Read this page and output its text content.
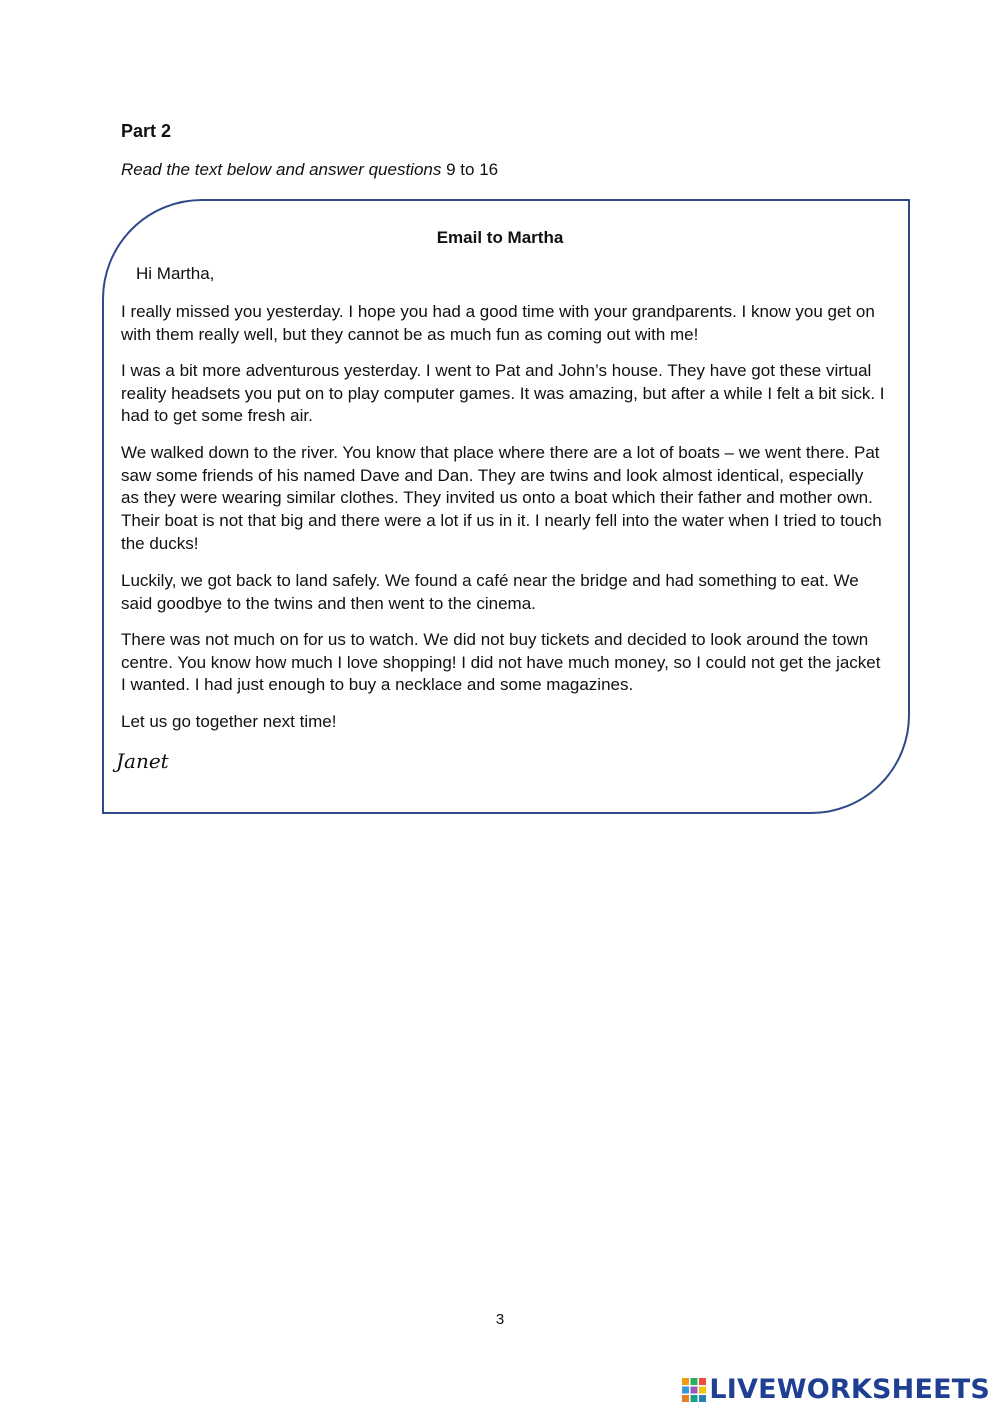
Part 2

Read the text below and answer questions 9 to 16

Email to Martha

Hi Martha,

I really missed you yesterday. I hope you had a good time with your grandparents. I know you get on with them really well, but they cannot be as much fun as coming out with me!

I was a bit more adventurous yesterday. I went to Pat and John’s house. They have got these virtual reality headsets you put on to play computer games. It was amazing, but after a while I felt a bit sick. I had to get some fresh air.

We walked down to the river. You know that place where there are a lot of boats – we went there. Pat saw some friends of his named Dave and Dan. They are twins and look almost identical, especially as they were wearing similar clothes. They invited us onto a boat which their father and mother own. Their boat is not that big and there were a lot if us in it. I nearly fell into the water when I tried to touch the ducks!

Luckily, we got back to land safely. We found a café near the bridge and had something to eat. We said goodbye to the twins and then went to the cinema.

There was not much on for us to watch. We did not buy tickets and decided to look around the town centre. You know how much I love shopping! I did not have much money, so I could not get the jacket I wanted. I had just enough to buy a necklace and some magazines.

Let us go together next time!

Janet

3

LIVEWORKSHEETS
